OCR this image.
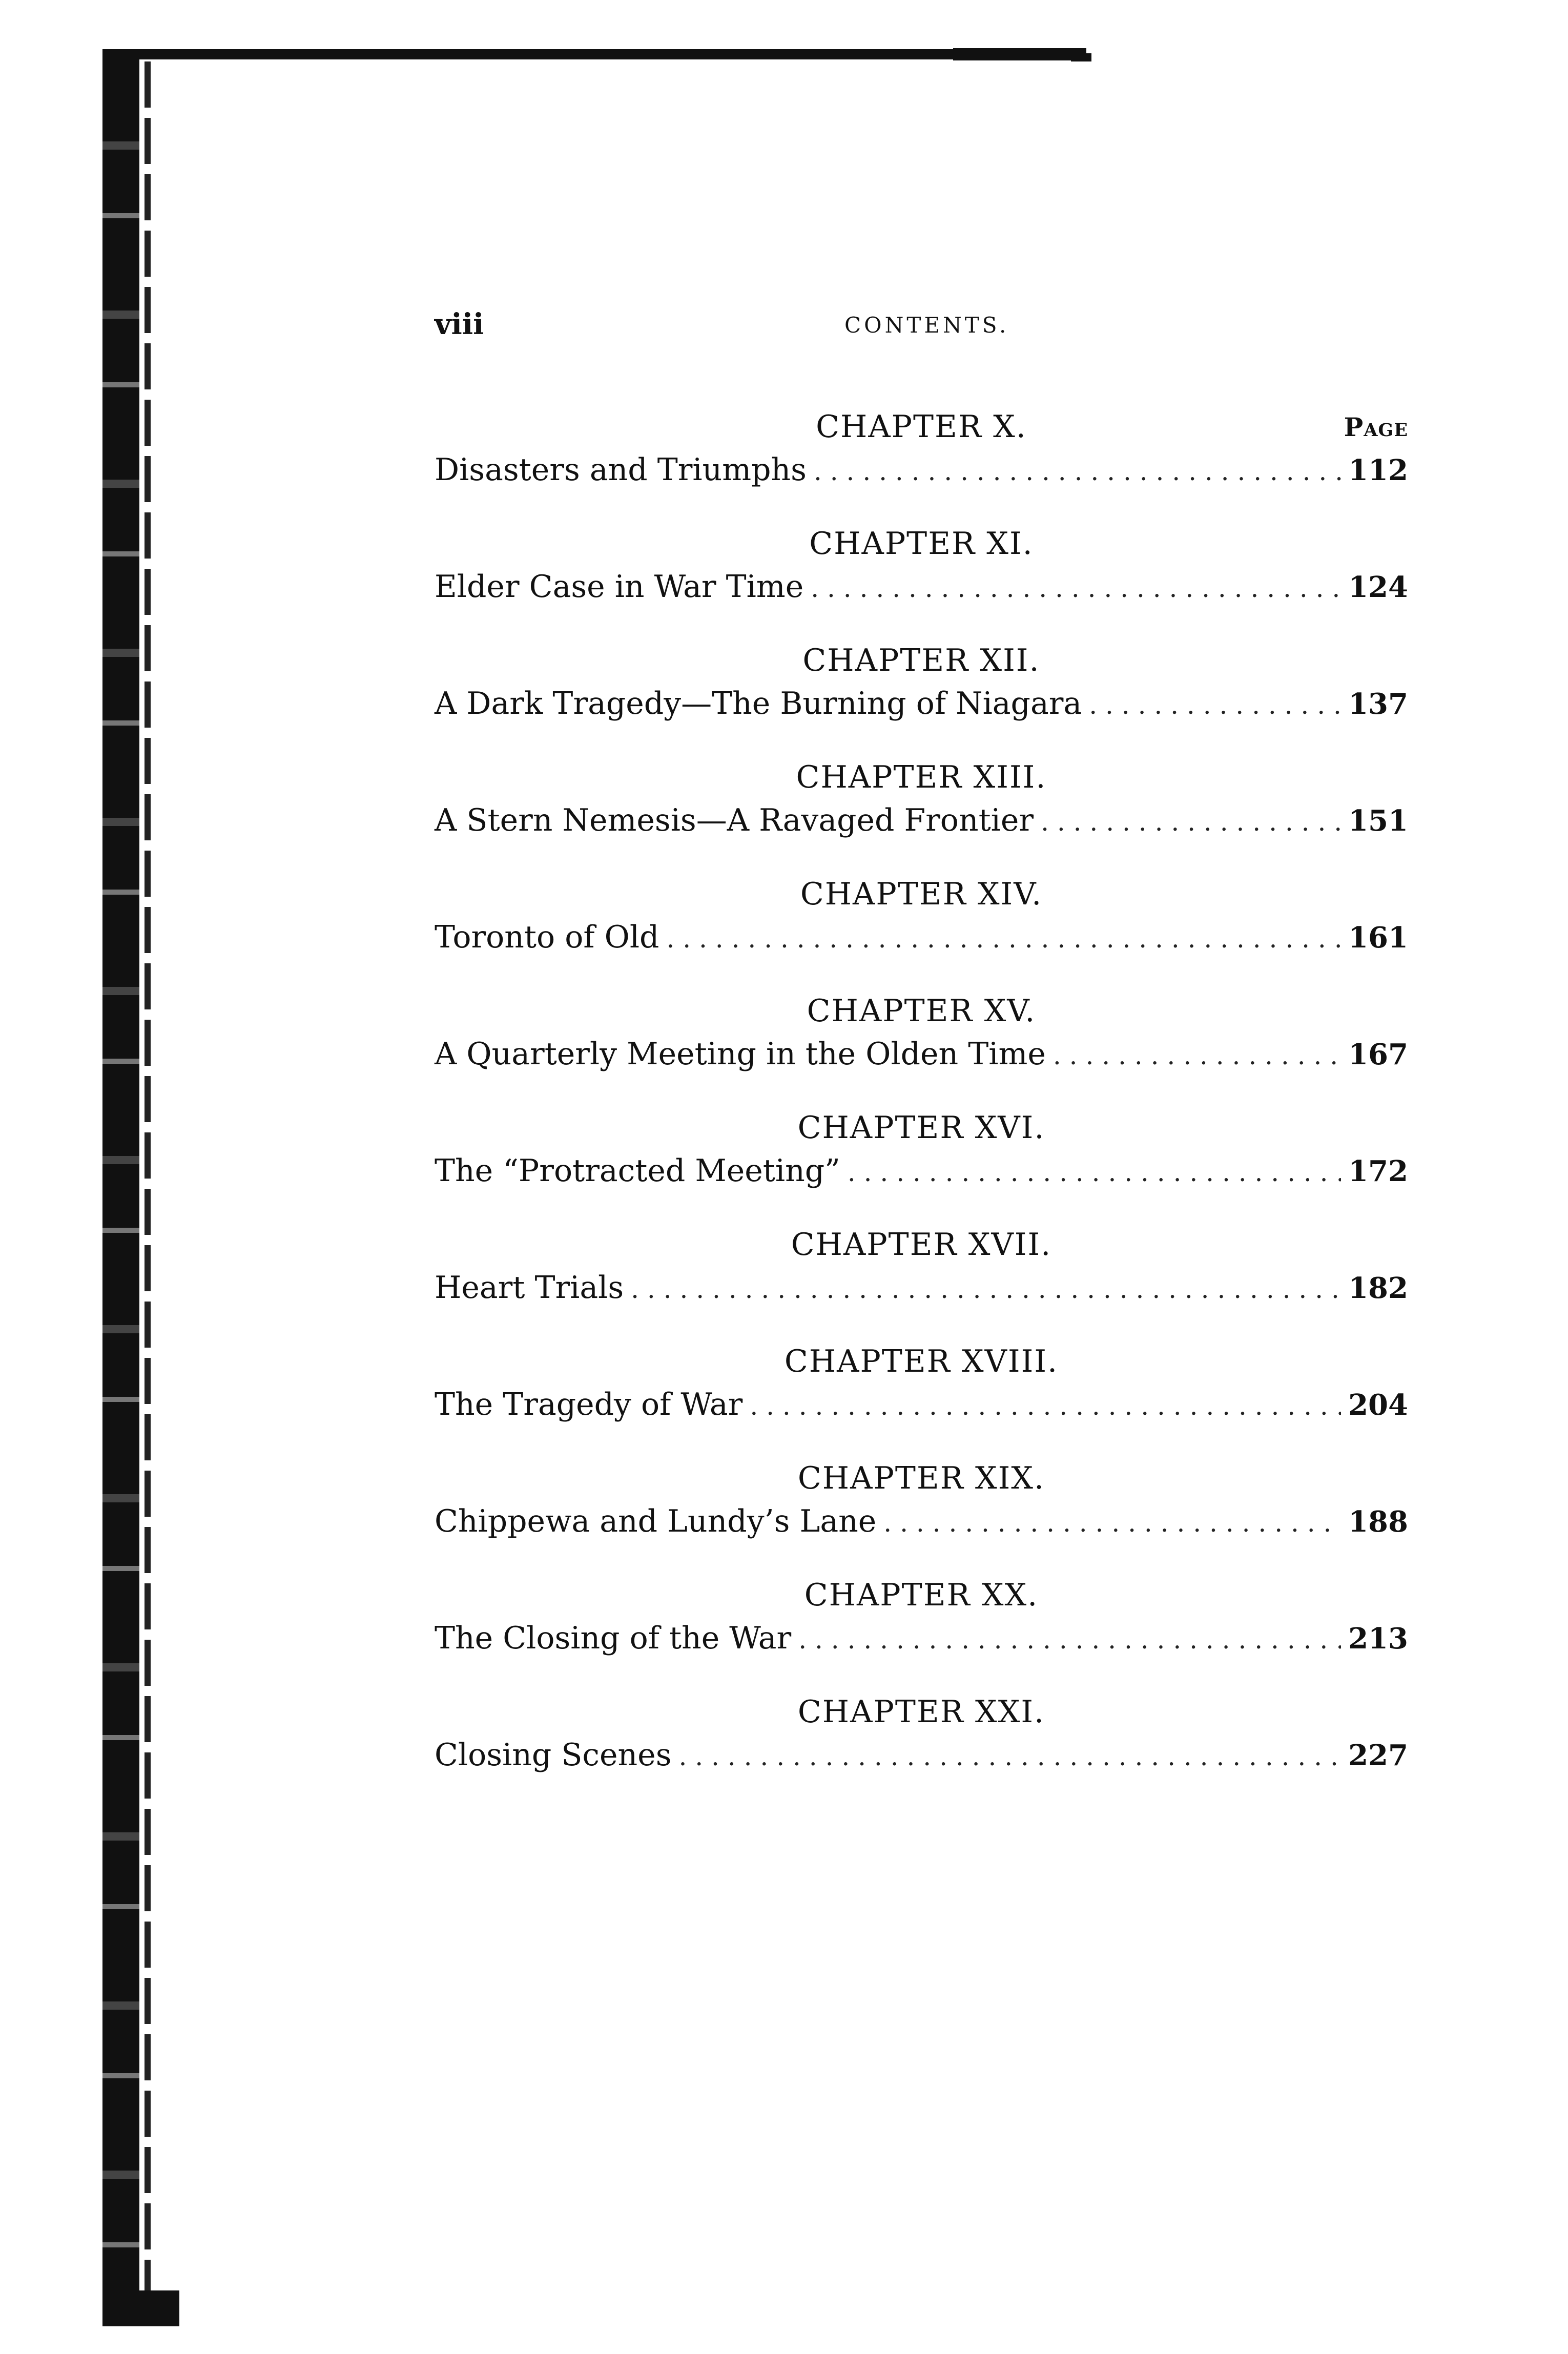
viii	CONTENTS.
CHAPTER X.	Page
Disasters and Triumphs . . .	112
CHAPTER XI.
Elder Case in War Time . . .	124
CHAPTER XII.
A Dark Tragedy—The Burning of Niagara . . .	137
CHAPTER XIII.
A Stern Nemesis—A Ravaged Frontier . . .	151
CHAPTER XIV.
Toronto of Old . . .	161
CHAPTER XV.
A Quarterly Meeting in the Olden Time . . .	167
CHAPTER XVI.
The “Protracted Meeting” . . .	172
CHAPTER XVII.
Heart Trials . . .	182
CHAPTER XVIII.
The Tragedy of War . . .	204
CHAPTER XIX.
Chippewa and Lundy’s Lane . . .	188
CHAPTER XX.
The Closing of the War . . .	213
CHAPTER XXI.
Closing Scenes . . .	227
